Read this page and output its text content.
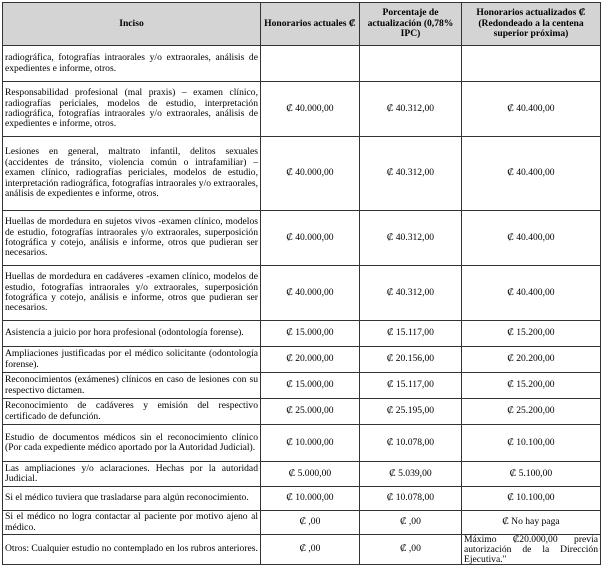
Inciso	Honorarios actuales ₡	Porcentaje de actualización (0,78% IPC)	Honorarios actualizados ₡ (Redondeado a la centena superior próxima)
radiográfica, fotografías intraorales y/o extraorales, análisis de expedientes e informe, otros.			
Responsabilidad profesional (mal praxis) – examen clínico, radiografías periciales, modelos de estudio, interpretación radiográfica, fotografías intraorales y/o extraorales, análisis de expedientes e informe, otros.	₡ 40.000,00	₡ 40.312,00	₡ 40.400,00
Lesiones en general, maltrato infantil, delitos sexuales (accidentes de tránsito, violencia común o intrafamiliar) – examen clínico, radiografías periciales, modelos de estudio, interpretación radiográfica, fotografías intraorales y/o extraorales, análisis de expedientes e informe, otros.	₡ 40.000,00	₡ 40.312,00	₡ 40.400,00
Huellas de mordedura en sujetos vivos -examen clínico, modelos de estudio, fotografías intraorales y/o extraorales, superposición fotográfica y cotejo, análisis e informe, otros que pudieran ser necesarios.	₡ 40.000,00	₡ 40.312,00	₡ 40.400,00
Huellas de mordedura en cadáveres -examen clínico, modelos de estudio, fotografías intraorales y/o extraorales, superposición fotográfica y cotejo, análisis e informe, otros que pudieran ser necesarios.	₡ 40.000,00	₡ 40.312,00	₡ 40.400,00
Asistencia a juicio por hora profesional (odontología forense).	₡ 15.000,00	₡ 15.117,00	₡ 15.200,00
Ampliaciones justificadas por el médico solicitante (odontología forense).	₡ 20.000,00	₡ 20.156,00	₡ 20.200,00
Reconocimientos (exámenes) clínicos en caso de lesiones con su respectivo dictamen.	₡ 15.000,00	₡ 15.117,00	₡ 15.200,00
Reconocimiento de cadáveres y emisión del respectivo certificado de defunción.	₡ 25.000,00	₡ 25.195,00	₡ 25.200,00
Estudio de documentos médicos sin el reconocimiento clínico (Por cada expediente médico aportado por la Autoridad Judicial).	₡ 10.000,00	₡ 10.078,00	₡ 10.100,00
Las ampliaciones y/o aclaraciones. Hechas por la autoridad Judicial.	₡ 5.000,00	₡ 5.039,00	₡ 5.100,00
Si el médico tuviera que trasladarse para algún reconocimiento.	₡ 10.000,00	₡ 10.078,00	₡ 10.100,00
Si el médico no logra contactar al paciente por motivo ajeno al médico.	₡ ,00	₡ ,00	₡ No hay paga
Otros: Cualquier estudio no contemplado en los rubros anteriores.	₡ ,00	₡ ,00	Máximo ₡20.000,00 previa autorización de la Dirección Ejecutiva."
